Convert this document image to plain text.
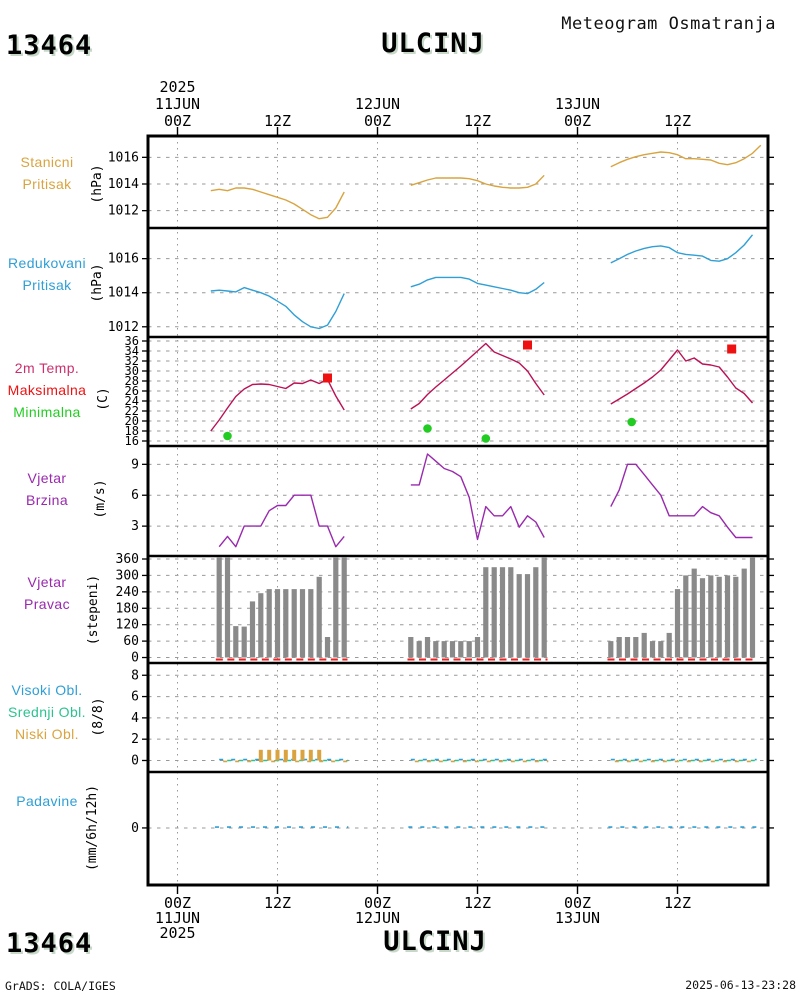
13464	ULCINJ
Meteogram Osmatranja
00Z
00Z
11JUN
11JUN
2025
2025
12Z
12Z
00Z
00Z
12JUN
12JUN
12Z
12Z
00Z
00Z
13JUN
13JUN
12Z
12Z
1012
1014
1016
1012
1014
1016
16
18
20
22
24
26
28
30
32
34
36
3
6
9
0
60
120
180
240
300
360
0
2
4
6
8
0
Stanicni
Pritisak (hPa)
Redukovani
Pritisak (hPa)
2m Temp.
Maksimalna
Minimalna
(C)
Vjetar
Brzina (m/s)
Vjetar
Pravac (stepeni)
Visoki Obl.
Srednji Obl.
Niski Obl. (8/8)
Padavine (mm/6h/12h)
13464	ULCINJ
GrADS: COLA/IGES	2025-06-13-23:28
